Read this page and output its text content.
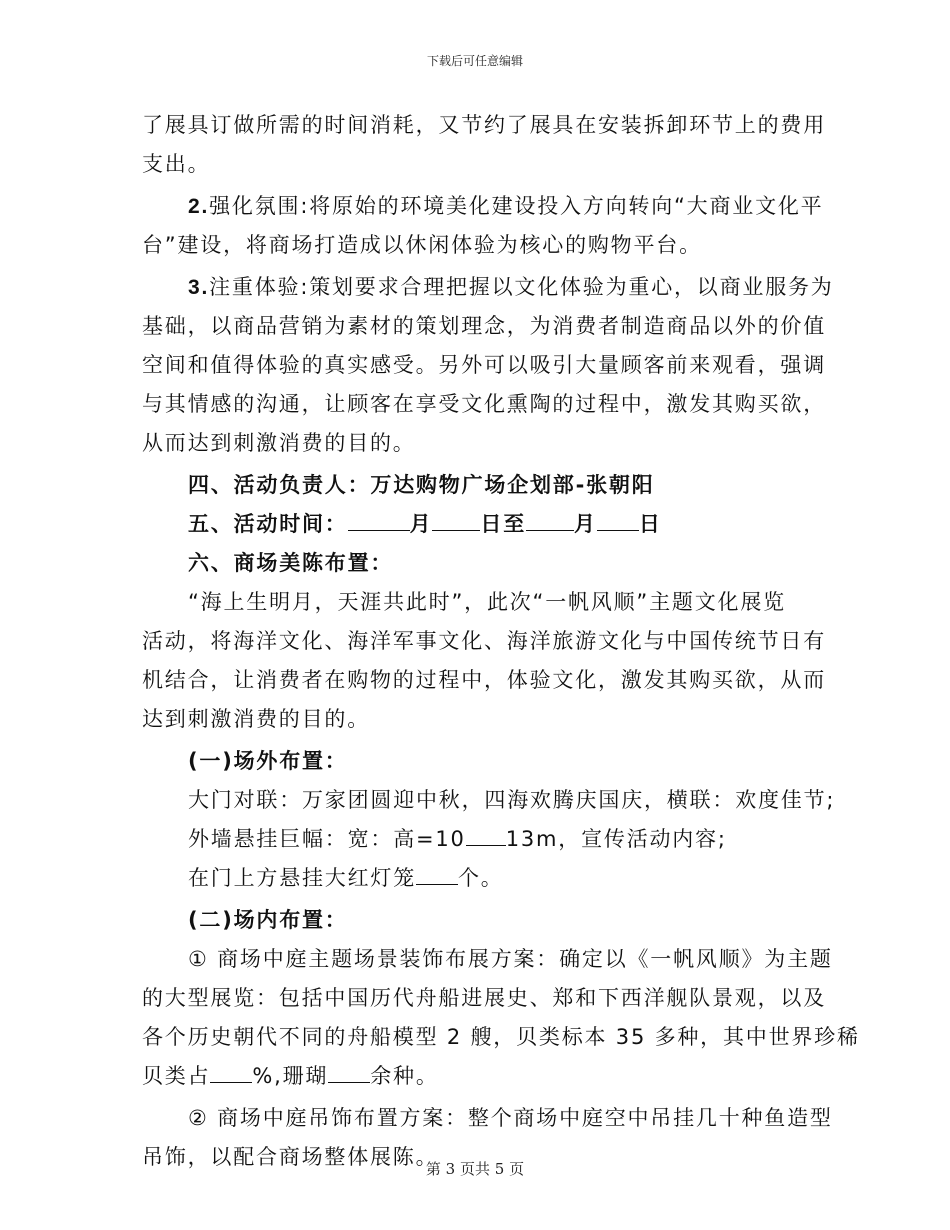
下载后可任意编辑

了展具订做所需的时间消耗，又节约了展具在安装拆卸环节上的费用

支出。

2.强化氛围:将原始的环境美化建设投入方向转向“大商业文化平

台”建设，将商场打造成以休闲体验为核心的购物平台。

3.注重体验:策划要求合理把握以文化体验为重心，以商业服务为

基础，以商品营销为素材的策划理念，为消费者制造商品以外的价值

空间和值得体验的真实感受。另外可以吸引大量顾客前来观看，强调

与其情感的沟通，让顾客在享受文化熏陶的过程中，激发其购买欲，

从而达到刺激消费的目的。

四、活动负责人：万达购物广场企划部-张朝阳

五、活动时间：	月 日至 月 日

六、商场美陈布置：

“海上生明月，天涯共此时”，此次“一帆风顺”主题文化展览

活动，将海洋文化、海洋军事文化、海洋旅游文化与中国传统节日有

机结合，让消费者在购物的过程中，体验文化，激发其购买欲，从而

达到刺激消费的目的。

(一)场外布置：

大门对联：万家团圆迎中秋，四海欢腾庆国庆，横联：欢度佳节;

外墙悬挂巨幅：宽：高=10 13m，宣传活动内容;

在门上方悬挂大红灯笼 个。

(二)场内布置：

① 商场中庭主题场景装饰布展方案：确定以《一帆风顺》为主题

的大型展览：包括中国历代舟船进展史、郑和下西洋舰队景观，以及

各个历史朝代不同的舟船模型 2 艘，贝类标本 35 多种，其中世界珍稀

贝类占 %,珊瑚 余种。

② 商场中庭吊饰布置方案：整个商场中庭空中吊挂几十种鱼造型

吊饰，以配合商场整体展陈。

第 3 页共 5 页
